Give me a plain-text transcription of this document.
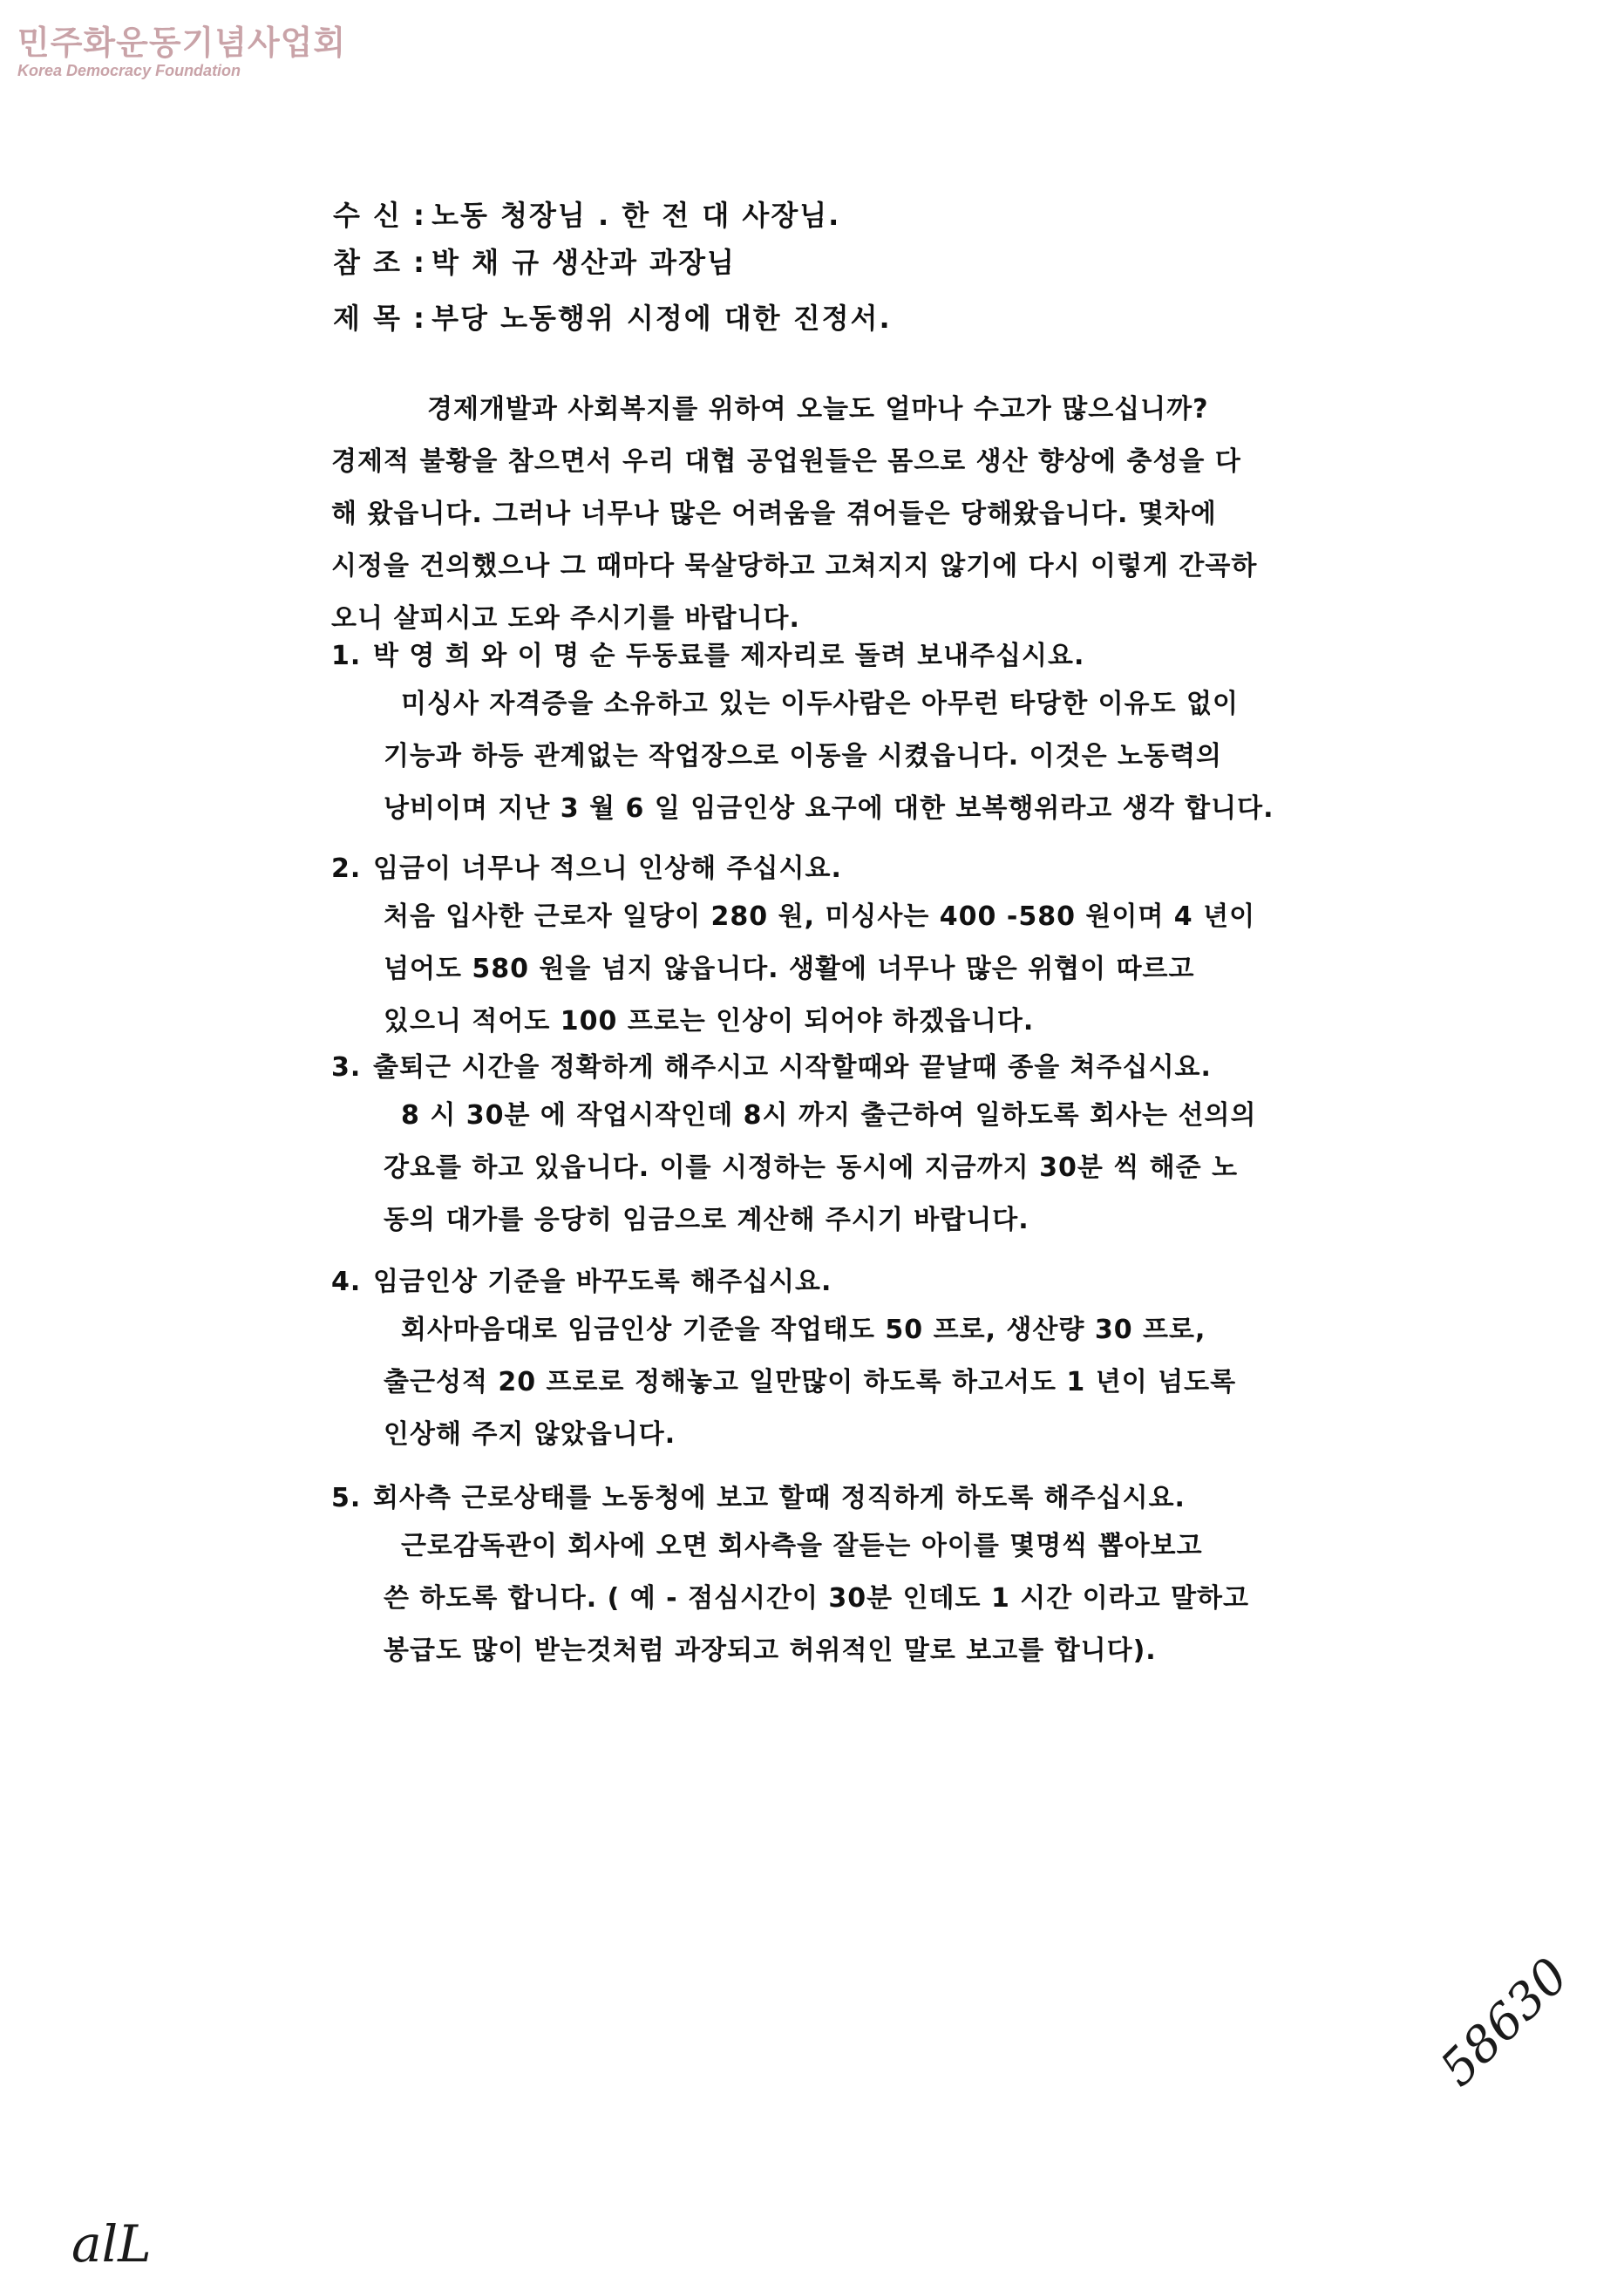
민주화운동기념사업회
Korea Democracy Foundation
수 신 : 노동 청장님 . 한 전 대 사장님.
참 조 : 박 채 규 생산과 과장님
제 목 : 부당 노동행위 시정에 대한 진정서.
경제개발과 사회복지를 위하여 오늘도 얼마나 수고가 많으십니까?
경제적 불황을 참으면서 우리 대협 공업원들은 몸으로 생산 향상에 충성을 다
해 왔읍니다. 그러나 너무나 많은 어려움을 겪어들은 당해왔읍니다. 몇차에
시정을 건의했으나 그 때마다 묵살당하고 고쳐지지 않기에 다시 이렇게 간곡하
오니 살피시고 도와 주시기를 바랍니다.
1. 박 영 희 와 이 명 순 두동료를 제자리로 돌려 보내주십시요.
미싱사 자격증을 소유하고 있는 이두사람은 아무런 타당한 이유도 없이
기능과 하등 관계없는 작업장으로 이동을 시켰읍니다. 이것은 노동력의
낭비이며 지난 3 월 6 일 임금인상 요구에 대한 보복행위라고 생각 합니다.
2. 임금이 너무나 적으니 인상해 주십시요.
처음 입사한 근로자 일당이 280 원, 미싱사는 400 -580 원이며 4 년이
넘어도 580 원을 넘지 않읍니다. 생활에 너무나 많은 위협이 따르고
있으니 적어도 100 프로는 인상이 되어야 하겠읍니다.
3. 출퇴근 시간을 정확하게 해주시고 시작할때와 끝날때 종을 쳐주십시요.
8 시 30분 에 작업시작인데 8시 까지 출근하여 일하도록 회사는 선의의
강요를 하고 있읍니다. 이를 시정하는 동시에 지금까지 30분 씩 해준 노
동의 대가를 응당히 임금으로 계산해 주시기 바랍니다.
4. 임금인상 기준을 바꾸도록 해주십시요.
회사마음대로 임금인상 기준을 작업태도 50 프로, 생산량 30 프로,
출근성적 20 프로로 정해놓고 일만많이 하도록 하고서도 1 년이 넘도록
인상해 주지 않았읍니다.
5. 회사측 근로상태를 노동청에 보고 할때 정직하게 하도록 해주십시요.
근로감독관이 회사에 오면 회사측을 잘듣는 아이를 몇명씩 뽑아보고
쓴 하도록 합니다. ( 예 - 점심시간이 30분 인데도 1 시간 이라고 말하고
봉급도 많이 받는것처럼 과장되고 허위적인 말로 보고를 합니다).
58630
alL
